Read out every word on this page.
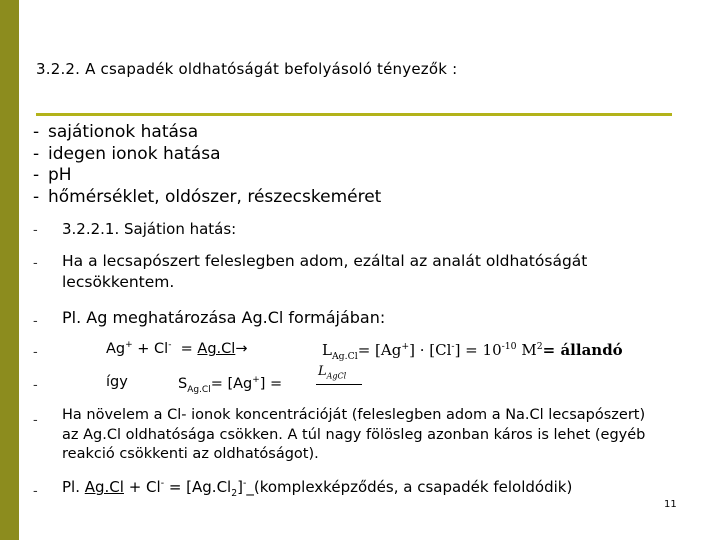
3.2.2. A csapadék oldhatóságát befolyásoló tényezők :
- sajátionok hatása
- idegen ionok hatása
- pH
- hőmérséklet, oldószer, részecskeméret
- 3.2.2.1. Sajátion hatás:
- Ha a lecsapószert feleslegben adom, ezáltal az analát oldhatóságát lecsökkentem.
- Pl. Ag meghatározása Ag.Cl formájában:
-	Ag+ + Cl- = Ag.Cl→	$L_{Ag.Cl}= [Ag^+] \cdot [Cl^-] = 10^{-10}$ $M^2=$ állandó
-	így	$S_{Ag.Cl}= [Ag^+]$ =
$L_{AgCl}$
- Ha növelem a Cl- ionok koncentrációját (feleslegben adom a Na.Cl lecsapószert) az Ag.Cl oldhatósága csökken. A túl nagy fölösleg azonban káros is lehet (egyéb reakció csökkenti az oldhatóságot).
- Pl. $Ag.Cl + Cl^- = [Ag.Cl_2]^-\_(komplexképződés$, a csapadék feloldódik)
11
